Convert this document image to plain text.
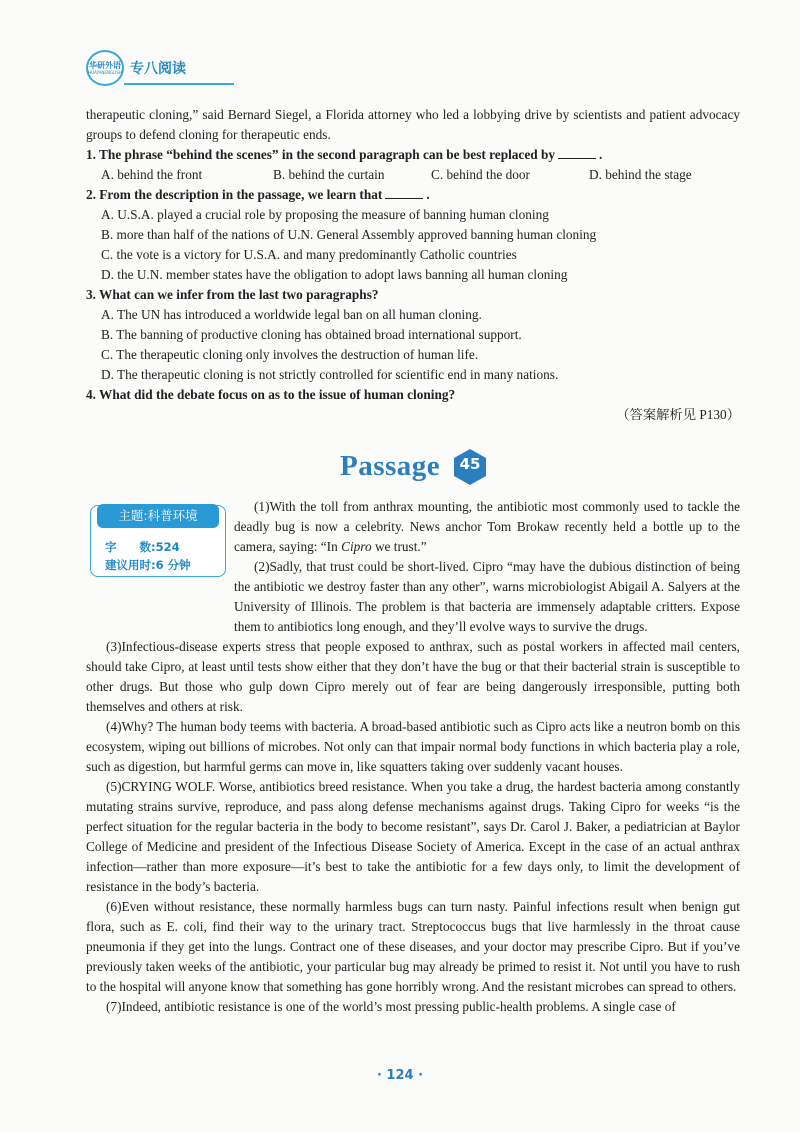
华研外语
HUAYANENGLISH 专八阅读

therapeutic cloning,” said Bernard Siegel, a Florida attorney who led a lobbying drive by scientists and patient advocacy groups to defend cloning for therapeutic ends.

1. The phrase “behind the scenes” in the second paragraph can be best replaced by	.

A. behind the front	B. behind the curtain	C. behind the door	D. behind the stage

2. From the description in the passage, we learn that	.

A. U.S.A. played a crucial role by proposing the measure of banning human cloning

B. more than half of the nations of U.N. General Assembly approved banning human cloning

C. the vote is a victory for U.S.A. and many predominantly Catholic countries

D. the U.N. member states have the obligation to adopt laws banning all human cloning

3. What can we infer from the last two paragraphs?

A. The UN has introduced a worldwide legal ban on all human cloning.

B. The banning of productive cloning has obtained broad international support.

C. The therapeutic cloning only involves the destruction of human life.

D. The therapeutic cloning is not strictly controlled for scientific end in many nations.

4. What did the debate focus on as to the issue of human cloning?

（答案解析见 P130）

Passage 45
主题:科普环境
字　　数:524
建议用时:6 分钟

(1)With the toll from anthrax mounting, the antibiotic most commonly used to tackle the deadly bug is now a celebrity. News anchor Tom Brokaw recently held a bottle up to the camera, saying: “In Cipro we trust.”

(2)Sadly, that trust could be short-lived. Cipro “may have the dubious distinction of being the antibiotic we destroy faster than any other”, warns microbiologist Abigail A. Salyers at the University of Illinois. The problem is that bacteria are immensely adaptable critters. Expose them to antibiotics long enough, and they’ll evolve ways to survive the drugs.

(3)Infectious-disease experts stress that people exposed to anthrax, such as postal workers in affected mail centers, should take Cipro, at least until tests show either that they don’t have the bug or that their bacterial strain is susceptible to other drugs. But those who gulp down Cipro merely out of fear are being dangerously irresponsible, putting both themselves and others at risk.

(4)Why? The human body teems with bacteria. A broad-based antibiotic such as Cipro acts like a neutron bomb on this ecosystem, wiping out billions of microbes. Not only can that impair normal body functions in which bacteria play a role, such as digestion, but harmful germs can move in, like squatters taking over suddenly vacant houses.

(5)CRYING WOLF. Worse, antibiotics breed resistance. When you take a drug, the hardest bacteria among constantly mutating strains survive, reproduce, and pass along defense mechanisms against drugs. Taking Cipro for weeks “is the perfect situation for the regular bacteria in the body to become resistant”, says Dr. Carol J. Baker, a pediatrician at Baylor College of Medicine and president of the Infectious Disease Society of America. Except in the case of an actual anthrax infection—rather than more exposure—it’s best to take the antibiotic for a few days only, to limit the development of resistance in the body’s bacteria.

(6)Even without resistance, these normally harmless bugs can turn nasty. Painful infections result when benign gut flora, such as E. coli, find their way to the urinary tract. Streptococcus bugs that live harmlessly in the throat cause pneumonia if they get into the lungs. Contract one of these diseases, and your doctor may prescribe Cipro. But if you’ve previously taken weeks of the antibiotic, your particular bug may already be primed to resist it. Not until you have to rush to the hospital will anyone know that something has gone horribly wrong. And the resistant microbes can spread to others.

(7)Indeed, antibiotic resistance is one of the world’s most pressing public-health problems. A single case of

· 124 ·
